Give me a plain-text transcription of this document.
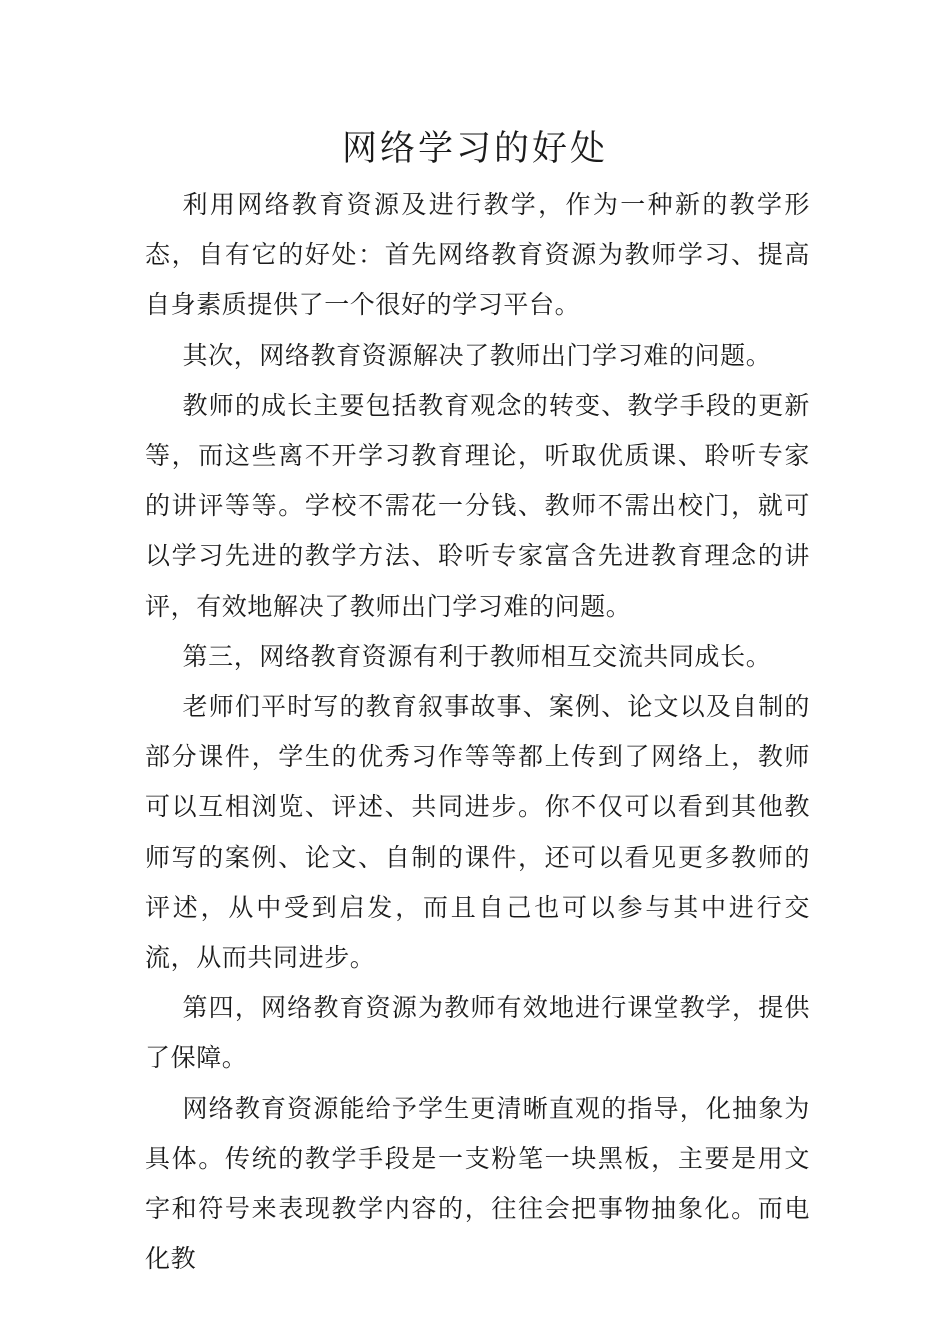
网络学习的好处

利用网络教育资源及进行教学，作为一种新的教学形态，自有它的好处：首先网络教育资源为教师学习、提高自身素质提供了一个很好的学习平台。

其次，网络教育资源解决了教师出门学习难的问题。

教师的成长主要包括教育观念的转变、教学手段的更新等，而这些离不开学习教育理论，听取优质课、聆听专家的讲评等等。学校不需花一分钱、教师不需出校门，就可以学习先进的教学方法、聆听专家富含先进教育理念的讲评，有效地解决了教师出门学习难的问题。

第三，网络教育资源有利于教师相互交流共同成长。

老师们平时写的教育叙事故事、案例、论文以及自制的部分课件，学生的优秀习作等等都上传到了网络上，教师可以互相浏览、评述、共同进步。你不仅可以看到其他教师写的案例、论文、自制的课件，还可以看见更多教师的评述，从中受到启发，而且自己也可以参与其中进行交流，从而共同进步。

第四，网络教育资源为教师有效地进行课堂教学，提供了保障。

网络教育资源能给予学生更清晰直观的指导，化抽象为具体。传统的教学手段是一支粉笔一块黑板，主要是用文字和符号来表现教学内容的，往往会把事物抽象化。而电化教
